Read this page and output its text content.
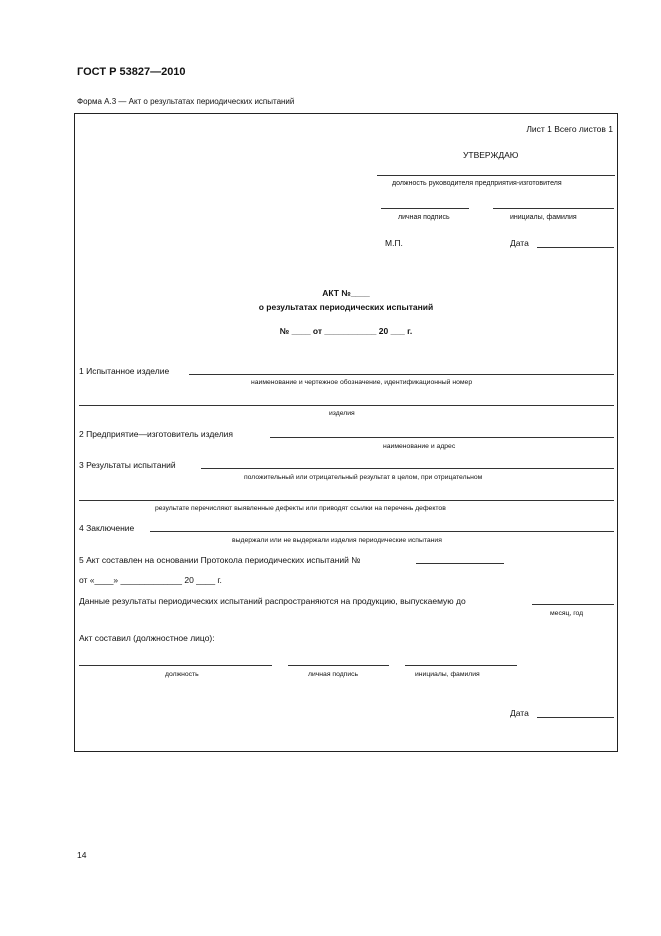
ГОСТ Р 53827—2010
Форма А.3 — Акт о результатах периодических испытаний
Лист 1 Всего листов 1
УТВЕРЖДАЮ
должность руководителя предприятия-изготовителя
личная подпись	инициалы, фамилия
М.П.	Дата
АКТ №____
о результатах периодических испытаний
№ ____ от ___________ 20 ___ г.
1 Испытанное изделие
наименование и чертежное обозначение, идентификационный номер
изделия
2 Предприятие—изготовитель изделия
наименование и адрес
3 Результаты испытаний
положительный или отрицательный результат в целом, при отрицательном
результате перечисляют выявленные дефекты или приводят ссылки на перечень дефектов
4 Заключение
выдержали или не выдержали изделия периодические испытания
5 Акт составлен на основании Протокола периодических испытаний №
от «____» _____________ 20 ____ г.
Данные результаты периодических испытаний распространяются на продукцию, выпускаемую до
месяц, год
Акт составил (должностное лицо):
должность	личная подпись	инициалы, фамилия
Дата
14
